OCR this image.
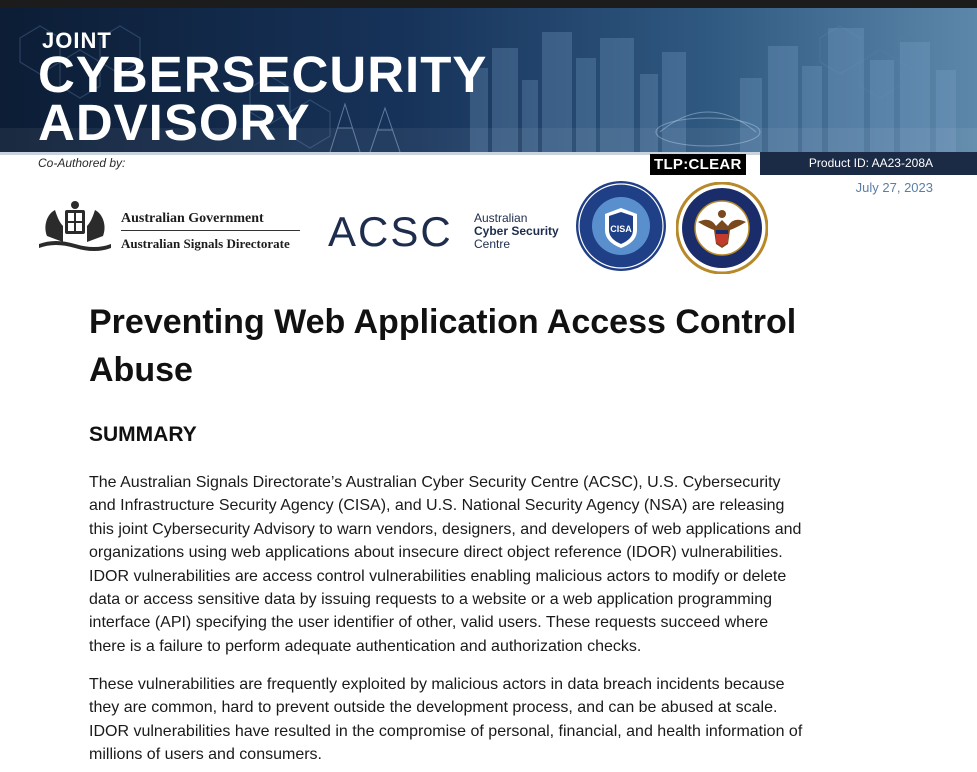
JOINT
CYBERSECURITY
ADVISORY
Co-Authored by:	Product ID: AA23-208A
TLP:CLEAR
July 27, 2023
Australian Government
Australian Signals Directorate ACSC Australian
Cyber Security
Centre
CISA
Preventing Web Application Access Control
Abuse
SUMMARY

The Australian Signals Directorate’s Australian Cyber Security Centre (ACSC), U.S. Cybersecurity
and Infrastructure Security Agency (CISA), and U.S. National Security Agency (NSA) are releasing
this joint Cybersecurity Advisory to warn vendors, designers, and developers of web applications and
organizations using web applications about insecure direct object reference (IDOR) vulnerabilities.
IDOR vulnerabilities are access control vulnerabilities enabling malicious actors to modify or delete
data or access sensitive data by issuing requests to a website or a web application programming
interface (API) specifying the user identifier of other, valid users. These requests succeed where
there is a failure to perform adequate authentication and authorization checks.

These vulnerabilities are frequently exploited by malicious actors in data breach incidents because
they are common, hard to prevent outside the development process, and can be abused at scale.
IDOR vulnerabilities have resulted in the compromise of personal, financial, and health information of
millions of users and consumers.
